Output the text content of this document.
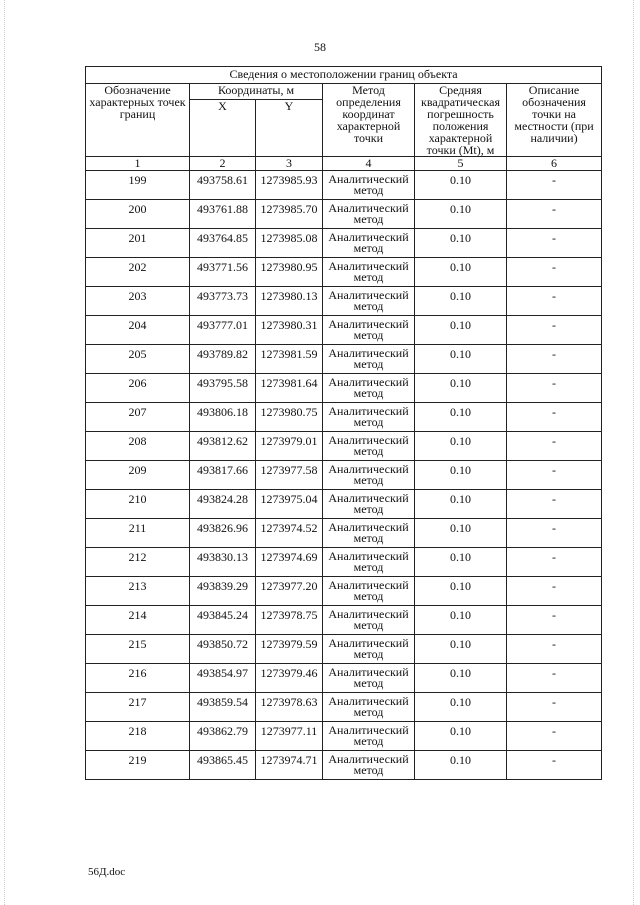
58
Сведения о местоположении границ объекта					
Обозначение характерных точек границ	Координаты, м		Метод определения координат характерной точки	Средняя квадратическая погрешность положения характерной точки (Mt), м	Описание обозначения точки на местности (при наличии)
	X	Y			
1	2	3	4	5	6
199	493758.61	1273985.93	Аналитический метод	0.10	-
200	493761.88	1273985.70	Аналитический метод	0.10	-
201	493764.85	1273985.08	Аналитический метод	0.10	-
202	493771.56	1273980.95	Аналитический метод	0.10	-
203	493773.73	1273980.13	Аналитический метод	0.10	-
204	493777.01	1273980.31	Аналитический метод	0.10	-
205	493789.82	1273981.59	Аналитический метод	0.10	-
206	493795.58	1273981.64	Аналитический метод	0.10	-
207	493806.18	1273980.75	Аналитический метод	0.10	-
208	493812.62	1273979.01	Аналитический метод	0.10	-
209	493817.66	1273977.58	Аналитический метод	0.10	-
210	493824.28	1273975.04	Аналитический метод	0.10	-
211	493826.96	1273974.52	Аналитический метод	0.10	-
212	493830.13	1273974.69	Аналитический метод	0.10	-
213	493839.29	1273977.20	Аналитический метод	0.10	-
214	493845.24	1273978.75	Аналитический метод	0.10	-
215	493850.72	1273979.59	Аналитический метод	0.10	-
216	493854.97	1273979.46	Аналитический метод	0.10	-
217	493859.54	1273978.63	Аналитический метод	0.10	-
218	493862.79	1273977.11	Аналитический метод	0.10	-
219	493865.45	1273974.71	Аналитический метод	0.10	-
56Д.doc
